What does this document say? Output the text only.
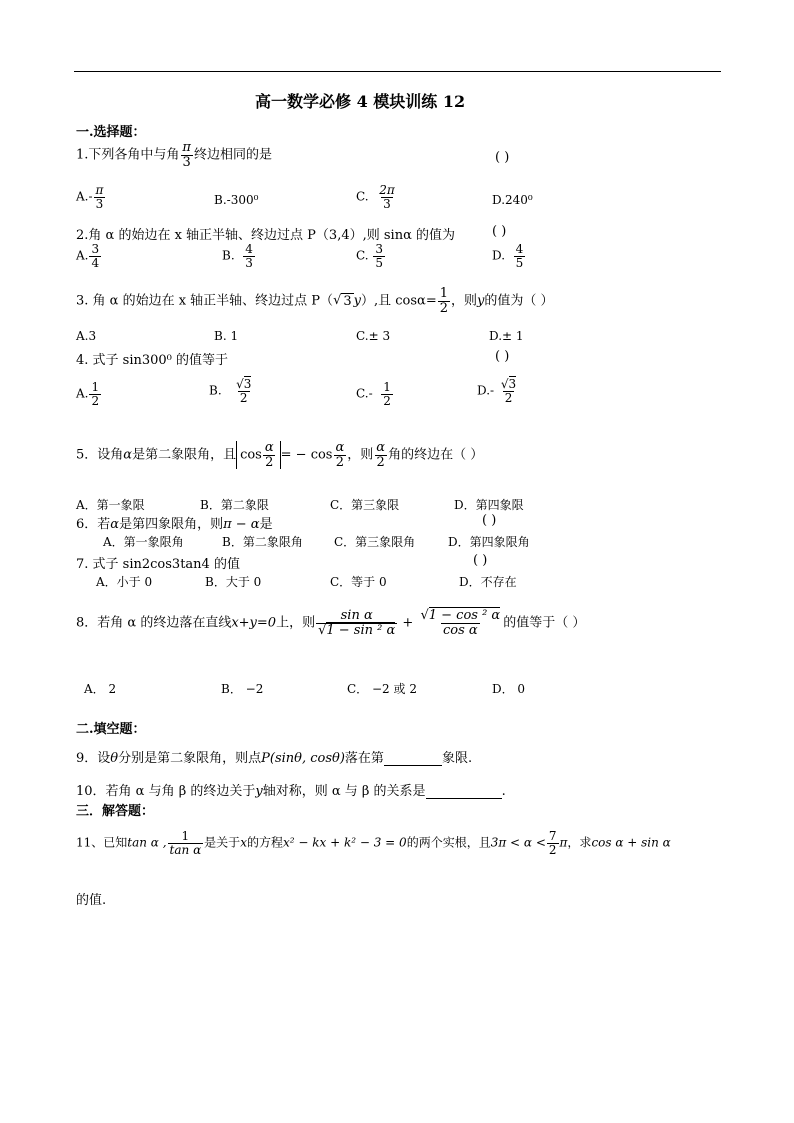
高一数学必修 4 模块训练 12
一.选择题：
1.下列各角中与角 $\frac{\pi}{3}$ 终边相同的是	( )
$A.- \frac{\pi}{3}$	B.-300⁰	C. $\frac{2\pi}{3}$	D.240⁰
2.角 α 的始边在 x 轴正半轴、终边过点 P（3,4）,则 sinα 的值为	( )
A. $\frac{3}{4}$	B. $\frac{4}{3}$	C. $\frac{3}{5}$	D. $\frac{4}{5}$
3. 角 α 的始边在 x 轴正半轴、终边过点 P（ √ 3 y）,且 $\cos\alpha= \frac{1}{2}$ ，则y的值为（ ）
A.3	B. 1	C.± 3	D.± 1
4. 式子 sin300⁰ 的值等于	( )
A. $\frac{1}{2}$	B. $\frac{√3}{2}$	$C.- \frac{1}{2}$	$D.- \frac{√3}{2}$
5．设角α是第二象限角，且 $\cos \frac{\alpha}{2}$ = − $\cos \frac{\alpha}{2}$ ，则 $\frac{\alpha}{2}$ 角的终边在（ ）
A．第一象限	B．第二象限	C．第三象限	D．第四象限
6．若α是第四象限角，则π − α是	( )
A．第一象限角	B．第二象限角	C．第三象限角	D．第四象限角
7. 式子 sin2cos3tan4 的值	( )
A．小于 0	B．大于 0	C．等于 0	D．不存在
8．若角 α 的终边落在直线x+y=0上，则 $\frac{\text{sin α}}{\text{√1 − sin ² α}} + \frac{\text{√1 − cos ² α}}{\text{cos α}}$ 的值等于（ ）
A． 2	B． −2	C． −2 或 2	D． 0
二.填空题：
9．设θ分别是第二象限角，则点P(sinθ, cosθ)落在第	象限.
10．若角 α 与角 β 的终边关于y轴对称，则 α 与 β 的关系是	.
三．解答题：
11、已知tan α , $\frac{1}{\text{tan α}}$ 是关于x的方程x² − kx + k² − 3 = 0的两个实根，且$3\pi < \alpha < \frac{7}{2}$ π，求cos α + sin α
的值.
